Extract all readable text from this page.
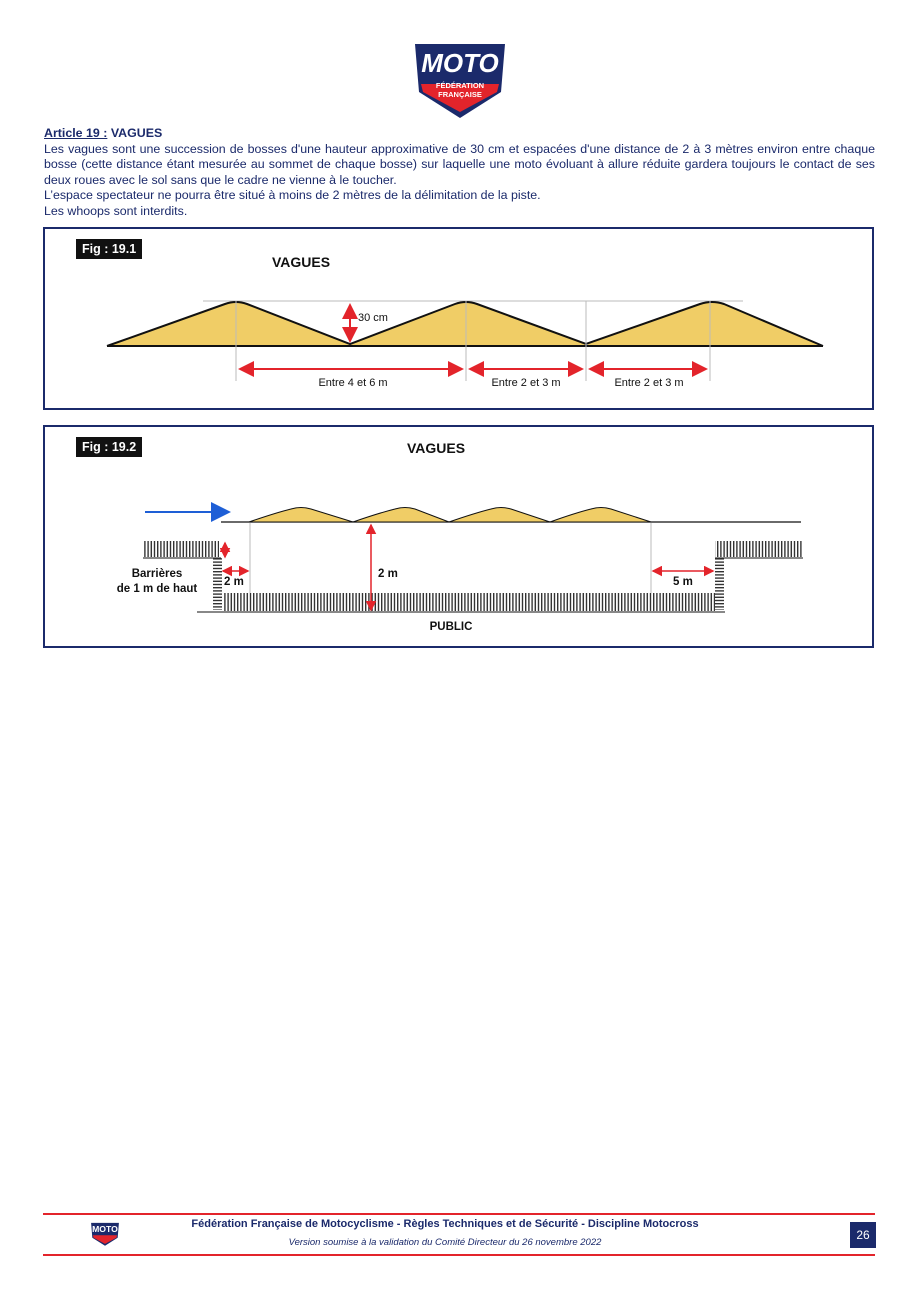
MOTO
FÉDÉRATION
FRANÇAISE
Article 19 : VAGUES

Les vagues sont une succession de bosses d'une hauteur approximative de 30 cm et espacées d'une distance de 2 à 3 mètres environ entre chaque bosse (cette distance étant mesurée au sommet de chaque bosse) sur laquelle une moto évoluant à allure réduite gardera toujours le contact de ses deux roues avec le sol sans que le cadre ne vienne à le toucher.

L’espace spectateur ne pourra être situé à moins de 2 mètres de la délimitation de la piste.

Les whoops sont interdits.

VAGUES
30 cm
Entre 4 et 6 m	Entre 2 et 3 m	Entre 2 et 3 m
Fig : 19.1
VAGUES
Barrières
de 1 m de haut
2 m
2 m
5 m
PUBLIC
Fig : 19.2
MOTO	Fédération Française de Motocyclisme - Règles Techniques et de Sécurité - Discipline Motocross
Version soumise à la validation du Comité Directeur du 26 novembre 2022
26
